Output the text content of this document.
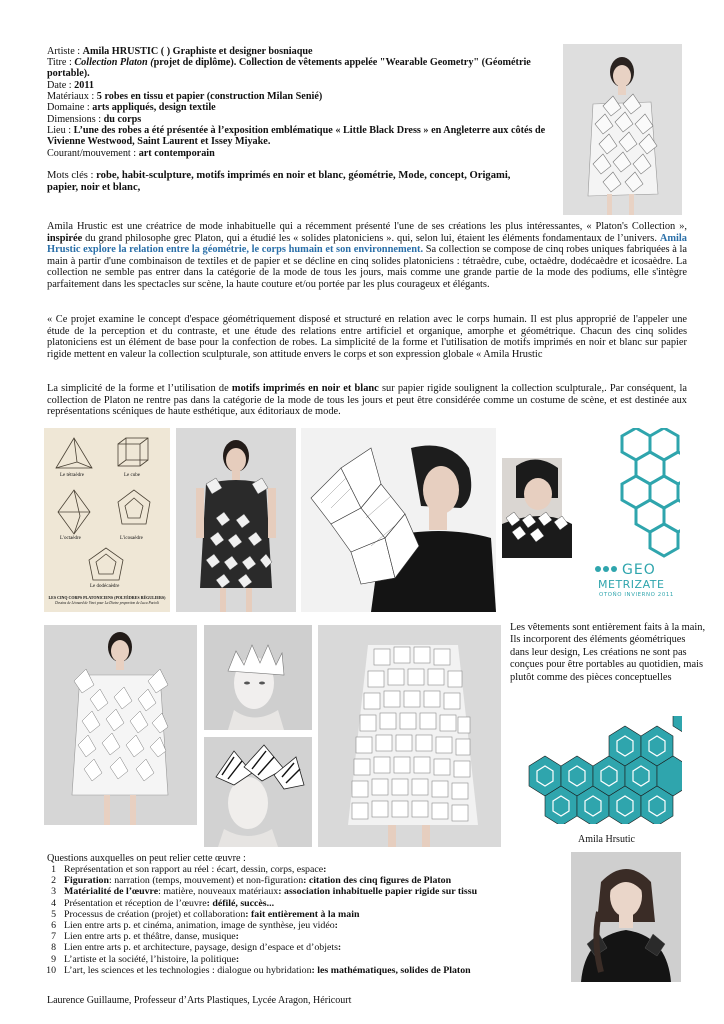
Artiste : Amila HRUSTIC ( ) Graphiste et designer bosniaque
Titre : Collection Platon (projet de diplôme). Collection de vêtements appelée "Wearable Geometry" (Géométrie portable).
Date : 2011
Matériaux : 5 robes en tissu et papier (construction Milan Senié)
Domaine : arts appliqués, design textile
Dimensions : du corps
Lieu : L’une des robes a été présentée à l’exposition emblématique « Little Black Dress » en Angleterre aux côtés de Vivienne Westwood, Saint Laurent et Issey Miyake.
Courant/mouvement : art contemporain
Mots clés : robe, habit-sculpture, motifs imprimés en noir et blanc, géométrie, Mode, concept, Origami, papier, noir et blanc,
Amila Hrustic est une créatrice de mode inhabituelle qui a récemment présenté l'une de ses créations les plus intéressantes, « Platon's Collection », inspirée du grand philosophe grec Platon, qui a étudié les « solides platoniciens ». qui, selon lui, étaient les éléments fondamentaux de l’univers. Amila Hrustic explore la relation entre la géométrie, le corps humain et son environnement. Sa collection se compose de cinq robes uniques fabriquées à la main à partir d'une combinaison de textiles et de papier et se décline en cinq solides platoniciens : tétraèdre, cube, octaèdre, dodécaèdre et icosaèdre. La collection ne semble pas entrer dans la catégorie de la mode de tous les jours, mais comme une grande partie de la mode des podiums, elle s'intègre parfaitement dans les spectacles sur scène, la haute couture et/ou portée par les plus courageux et élégants.
« Ce projet examine le concept d'espace géométriquement disposé et structuré en relation avec le corps humain. Il est plus approprié de l'appeler une étude de la perception et du contraste, et une étude des relations entre artificiel et organique, amorphe et géométrique. Chacun des cinq solides platoniciens est un élément de base pour la confection de robes. La simplicité de la forme et l'utilisation de motifs imprimés en noir et blanc sur papier rigide mettent en valeur la collection sculpturale, son attitude envers le corps et son expression globale « Amila Hrustic
La simplicité de la forme et l’utilisation de motifs imprimés en noir et blanc sur papier rigide soulignent la collection sculpturale,. Par conséquent, la collection de Platon ne rentre pas dans la catégorie de la mode de tous les jours et peut être considérée comme un costume de scène, et est destinée aux représentations scéniques de haute esthétique, aux éditoriaux de mode.
Le tétraèdre	Le cube
L'octaèdre	L'icosaèdre
Le dodécaèdre
LES CINQ CORPS PLATONICIENS (POLYÈDRES RÉGULIERS)
Dessins de Léonard de Vinci pour La Divine proportion de Luca Pacioli
GEO
METRIZATE
OTOÑO INVIERNO 2011
Les vêtements sont entièrement faits à la main, Ils incorporent des éléments géométriques dans leur design, Les créations ne sont pas conçues pour être portables au quotidien, mais plutôt comme des pièces conceptuelles
Amila Hrsutic
Questions auxquelles on peut relier cette œuvre :
1 Représentation et son rapport au réel : écart, dessin, corps, espace :
2 Figuration : narration (temps, mouvement) et non-figuration : citation des cinq figures de Platon
3 Matérialité de l’œuvre : matière, nouveaux matériaux : association inhabituelle papier rigide sur tissu
4 Présentation et réception de l’œuvre : défilé, succès...
5 Processus de création (projet) et collaboration : fait entièrement à la main
6 Lien entre arts p. et cinéma, animation, image de synthèse, jeu vidéo :
7 Lien entre arts p. et théâtre, danse, musique :
8 Lien entre arts p. et architecture, paysage, design d’espace et d’objets :
9 L’artiste et la société, l’histoire, la politique :
10 L’art, les sciences et les technologies : dialogue ou hybridation : les mathématiques, solides de Platon
Laurence Guillaume, Professeur d’Arts Plastiques, Lycée Aragon, Héricourt
